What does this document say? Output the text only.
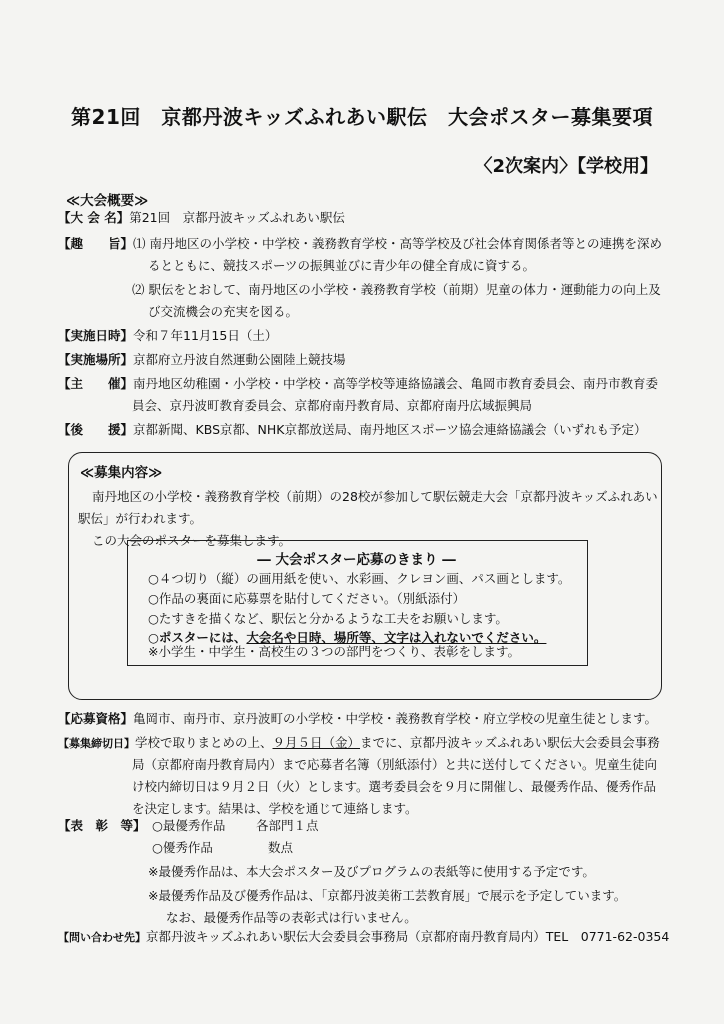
第21回　京都丹波キッズふれあい駅伝　大会ポスター募集要項
〈2次案内〉【学校用】
≪大会概要≫
【大 会 名】第21回　京都丹波キッズふれあい駅伝
【趣　　旨】⑴ 南丹地区の小学校・中学校・義務教育学校・高等学校及び社会体育関係者等との連携を深め
るとともに、競技スポーツの振興並びに青少年の健全育成に資する。
⑵ 駅伝をとおして、南丹地区の小学校・義務教育学校（前期）児童の体力・運動能力の向上及
び交流機会の充実を図る。
【実施日時】令和７年11月15日（土）
【実施場所】京都府立丹波自然運動公園陸上競技場
【主　　催】南丹地区幼稚園・小学校・中学校・高等学校等連絡協議会、亀岡市教育委員会、南丹市教育委
員会、京丹波町教育委員会、京都府南丹教育局、京都府南丹広域振興局
【後　　援】京都新聞、KBS京都、NHK京都放送局、南丹地区スポーツ協会連絡協議会（いずれも予定）
≪募集内容≫
南丹地区の小学校・義務教育学校（前期）の28校が参加して駅伝競走大会「京都丹波キッズふれあい
駅伝」が行われます。
この大会のポスターを募集します。
― 大会ポスター応募のきまり ―
○４つ切り（縦）の画用紙を使い、水彩画、クレヨン画、パス画とします。
○作品の裏面に応募票を貼付してください。（別紙添付）
○たすきを描くなど、駅伝と分かるような工夫をお願いします。
○ポスターには、大会名や日時、場所等、文字は入れないでください。
※小学生・中学生・高校生の３つの部門をつくり、表彰をします。
【応募資格】亀岡市、南丹市、京丹波町の小学校・中学校・義務教育学校・府立学校の児童生徒とします。
【募集締切日】学校で取りまとめの上、９月５日（金）までに、京都丹波キッズふれあい駅伝大会委員会事務
局（京都府南丹教育局内）まで応募者名簿（別紙添付）と共に送付してください。児童生徒向
け校内締切日は９月２日（火）とします。選考委員会を９月に開催し、最優秀作品、優秀作品
を決定します。結果は、学校を通じて連絡します。
【表　彰　等】 ○最優秀作品 各部門１点
○優秀作品	数点
※最優秀作品は、本大会ポスター及びプログラムの表紙等に使用する予定です。
※最優秀作品及び優秀作品は、「京都丹波美術工芸教育展」で展示を予定しています。
なお、最優秀作品等の表彰式は行いません。
【問い合わせ先】京都丹波キッズふれあい駅伝大会委員会事務局（京都府南丹教育局内）TEL　0771-62-0354
